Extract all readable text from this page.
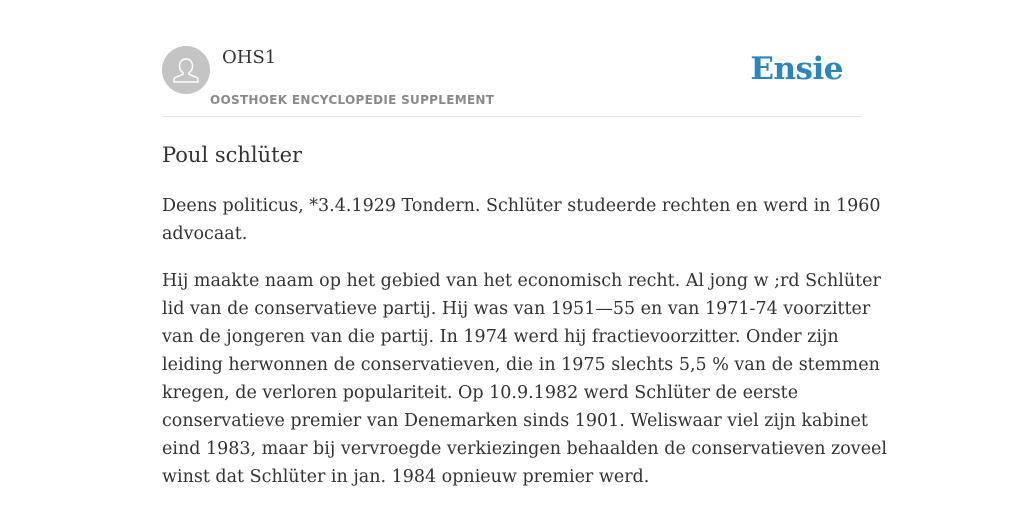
OHS1
OOSTHOEK ENCYCLOPEDIE SUPPLEMENT
Ensie
Poul schlüter

Deens politicus, *3.4.1929 Tondern. Schlüter studeerde rechten en werd in 1960
advocaat.

Hij maakte naam op het gebied van het economisch recht. Al jong w ;rd Schlüter
lid van de conservatieve partij. Hij was van 1951—55 en van 1971-74 voorzitter
van de jongeren van die partij. In 1974 werd hij fractievoorzitter. Onder zijn
leiding herwonnen de conservatieven, die in 1975 slechts 5,5 % van de stemmen
kregen, de verloren populariteit. Op 10.9.1982 werd Schlüter de eerste
conservatieve premier van Denemarken sinds 1901. Weliswaar viel zijn kabinet
eind 1983, maar bij vervroegde verkiezingen behaalden de conservatieven zoveel
winst dat Schlüter in jan. 1984 opnieuw premier werd.
